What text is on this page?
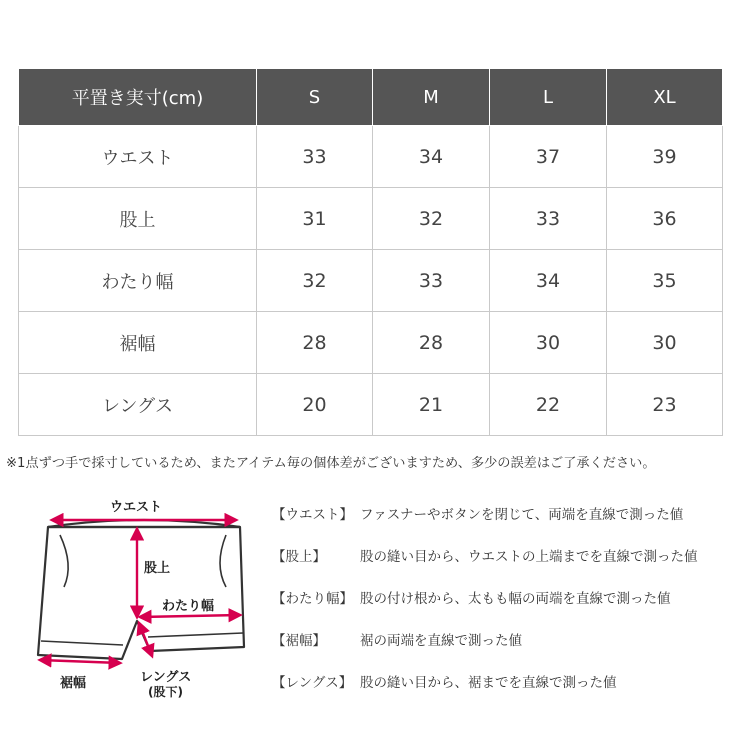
平置き実寸(cm)	S	M	L	XL
ウエスト	33	34	37	39
股上	31	32	33	36
わたり幅	32	33	34	35
裾幅	28	28	30	30
レングス	20	21	22	23
※1点ずつ手で採寸しているため、またアイテム毎の個体差がございますため、多少の誤差はご了承ください。
ウエスト
股上
わたり幅
裾幅	レングス
(股下)
【ウエスト】 ファスナーやボタンを閉じて、両端を直線で測った値
【股上】	股の縫い目から、ウエストの上端までを直線で測った値
【わたり幅】 股の付け根から、太もも幅の両端を直線で測った値
【裾幅】	裾の両端を直線で測った値
【レングス】 股の縫い目から、裾までを直線で測った値
